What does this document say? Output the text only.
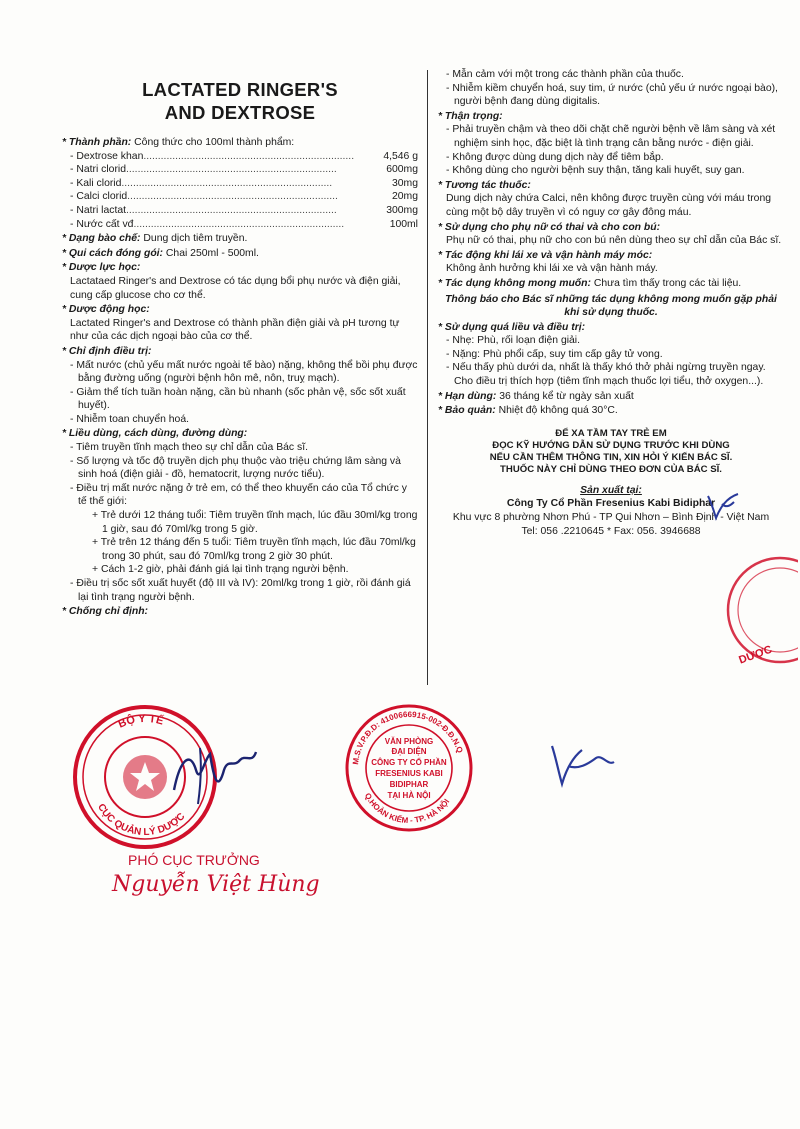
LACTATED RINGER'S
AND DEXTROSE
* Thành phần: Công thức cho 100ml thành phẩm:
- Dextrose khan .........................................................................	4,546 g
- Natri clorid .........................................................................	600mg
- Kali clorid .........................................................................	30mg
- Calci clorid .........................................................................	20mg
- Natri lactat .........................................................................	300mg
- Nước cất vđ .........................................................................	100ml
* Dạng bào chế: Dung dịch tiêm truyền.
* Qui cách đóng gói: Chai 250ml - 500ml.
* Dược lực học:
Lactataed Ringer's and Dextrose có tác dụng bổi phụ nước và điện giải, cung cấp glucose cho cơ thể.
* Dược động học:
Lactated Ringer's and Dextrose có thành phần điện giải và pH tương tự như của các dịch ngoại bào của cơ thể.
* Chỉ định điều trị:
- Mất nước (chủ yếu mất nước ngoài tế bào) nặng, không thể bồi phụ được bằng đường uống (người bệnh hôn mê, nôn, truỵ mạch).
- Giảm thể tích tuần hoàn nặng, cần bù nhanh (sốc phản vệ, sốc sốt xuất huyết).
- Nhiễm toan chuyển hoá.
* Liều dùng, cách dùng, đường dùng:
- Tiêm truyền tĩnh mạch theo sự chỉ dẫn của Bác sĩ.
- Số lượng và tốc độ truyền dịch phụ thuộc vào triệu chứng lâm sàng và sinh hoá (điện giải - đồ, hematocrit, lượng nước tiểu).
- Điều trị mất nước nặng ở trẻ em, có thể theo khuyến cáo của Tổ chức y tế thế giới:
+ Trẻ dưới 12 tháng tuổi: Tiêm truyền tĩnh mạch, lúc đầu 30ml/kg trong 1 giờ, sau đó 70ml/kg trong 5 giờ.
+ Trẻ trên 12 tháng đến 5 tuổi: Tiêm truyền tĩnh mạch, lúc đầu 70ml/kg trong 30 phút, sau đó 70ml/kg trong 2 giờ 30 phút.
+ Cách 1-2 giờ, phải đánh giá lại tình trạng người bệnh.
- Điều trị sốc sốt xuất huyết (độ III và IV): 20ml/kg trong 1 giờ, rồi đánh giá lại tình trạng người bệnh.
* Chống chỉ định:
- Mẫn cảm với một trong các thành phần của thuốc.
- Nhiễm kiềm chuyển hoá, suy tim, ứ nước (chủ yếu ứ nước ngoại bào), người bệnh đang dùng digitalis.
* Thận trọng:
- Phải truyền chậm và theo dõi chặt chẽ người bệnh về lâm sàng và xét nghiệm sinh học, đặc biệt là tình trạng cân bằng nước - điện giải.
- Không được dùng dung dịch này để tiêm bắp.
- Không dùng cho người bệnh suy thận, tăng kali huyết, suy gan.
* Tương tác thuốc:
Dung dịch này chứa Calci, nên không được truyền cùng với máu trong cùng một bộ dây truyền vì có nguy cơ gây đông máu.
* Sử dụng cho phụ nữ có thai và cho con bú:
Phụ nữ có thai, phụ nữ cho con bú nên dùng theo sự chỉ dẫn của Bác sĩ.
* Tác động khi lái xe và vận hành máy móc:
Không ảnh hưởng khi lái xe và vận hành máy.
* Tác dụng không mong muốn: Chưa tìm thấy trong các tài liệu.
Thông báo cho Bác sĩ những tác dụng không mong muốn gặp phải khi sử dụng thuốc.
* Sử dụng quá liều và điều trị:
- Nhẹ: Phù, rối loạn điện giải.
- Nặng: Phù phổi cấp, suy tim cấp gây tử vong.
- Nếu thấy phù dưới da, nhất là thấy khó thở phải ngừng truyền ngay. Cho điều trị thích hợp (tiêm tĩnh mạch thuốc lợi tiểu, thở oxygen...).
* Hạn dùng: 36 tháng kể từ ngày sản xuất
* Bảo quản: Nhiệt độ không quá 30°C.
ĐỂ XA TẦM TAY TRẺ EM
ĐỌC KỸ HƯỚNG DẪN SỬ DỤNG TRƯỚC KHI DÙNG
NẾU CẦN THÊM THÔNG TIN, XIN HỎI Ý KIẾN BÁC SĨ.
THUỐC NÀY CHỈ DÙNG THEO ĐƠN CỦA BÁC SĨ.
Sản xuất tại:
Công Ty Cổ Phần Fresenius Kabi Bidiphar
Khu vực 8 phường Nhơn Phú - TP Qui Nhơn – Bình Định - Việt Nam
Tel: 056 .2210645 * Fax: 056. 3946688
DƯỢC
BỘ Y TẾ
CỤC QUẢN LÝ DƯỢC
PHÓ CỤC TRƯỞNG
Nguyễn Việt Hùng
M.S.V.P.Đ.D: 4100666915-002-Đ.Đ.N.Q
Q.HOÀN KIẾM - TP. HÀ NỘI
VĂN PHÒNG
ĐẠI DIỆN
CÔNG TY CỔ PHẦN
FRESENIUS KABI
BIDIPHAR
TẠI HÀ NỘI
